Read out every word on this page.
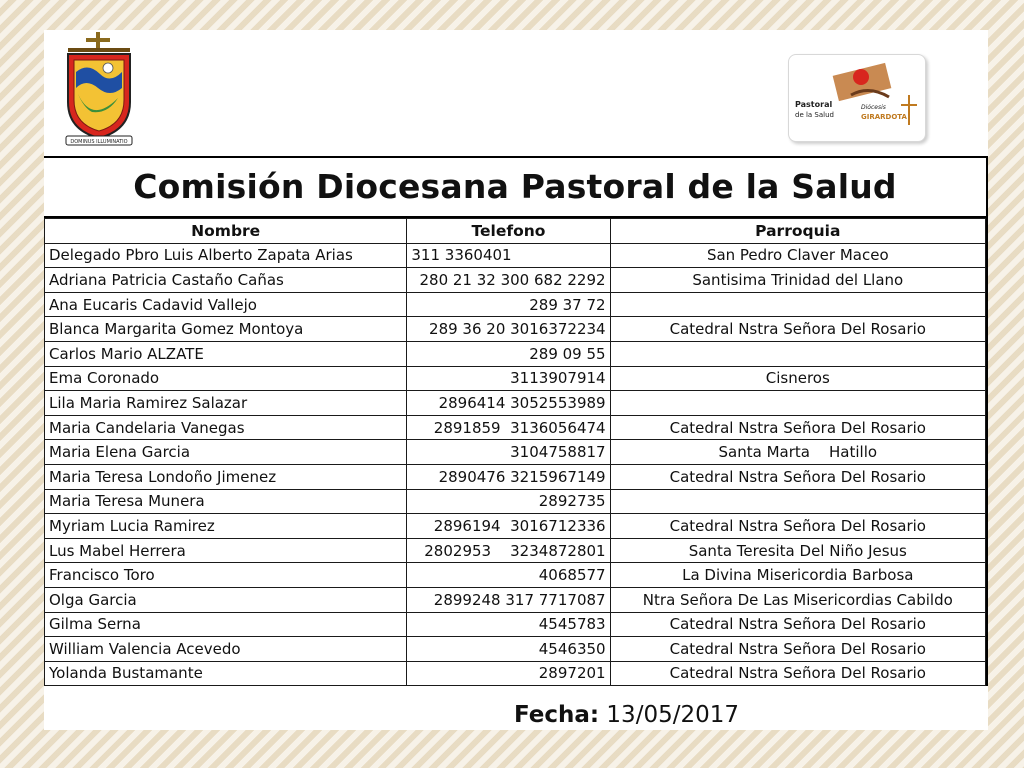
DOMINUS ILLUMINATIO
Pastoral
de la Salud
Diócesis
GIRARDOTA
Comisión Diocesana Pastoral de la Salud
Nombre	Telefono	Parroquia
Delegado Pbro Luis Alberto Zapata Arias	311 3360401	San Pedro Claver Maceo
Adriana Patricia Castaño Cañas	280 21 32 300 682 2292	Santisima Trinidad del Llano
Ana Eucaris Cadavid Vallejo	289 37 72	
Blanca Margarita Gomez Montoya	289 36 20 3016372234	Catedral Nstra Señora Del Rosario
Carlos Mario ALZATE	289 09 55	
Ema Coronado	3113907914	Cisneros
Lila Maria Ramirez Salazar	2896414 3052553989	
Maria Candelaria Vanegas	2891859  3136056474	Catedral Nstra Señora Del Rosario
Maria Elena Garcia	3104758817	Santa Marta    Hatillo
Maria Teresa Londoño Jimenez	2890476 3215967149	Catedral Nstra Señora Del Rosario
Maria Teresa Munera	2892735	
Myriam Lucia Ramirez	2896194  3016712336	Catedral Nstra Señora Del Rosario
Lus Mabel Herrera	2802953    3234872801	Santa Teresita Del Niño Jesus
Francisco Toro	4068577	La Divina Misericordia Barbosa
Olga Garcia	2899248 317 7717087	Ntra Señora De Las Misericordias Cabildo
Gilma Serna	4545783	Catedral Nstra Señora Del Rosario
William Valencia Acevedo	4546350	Catedral Nstra Señora Del Rosario
Yolanda Bustamante	2897201	Catedral Nstra Señora Del Rosario
Fecha: 13/05/2017
